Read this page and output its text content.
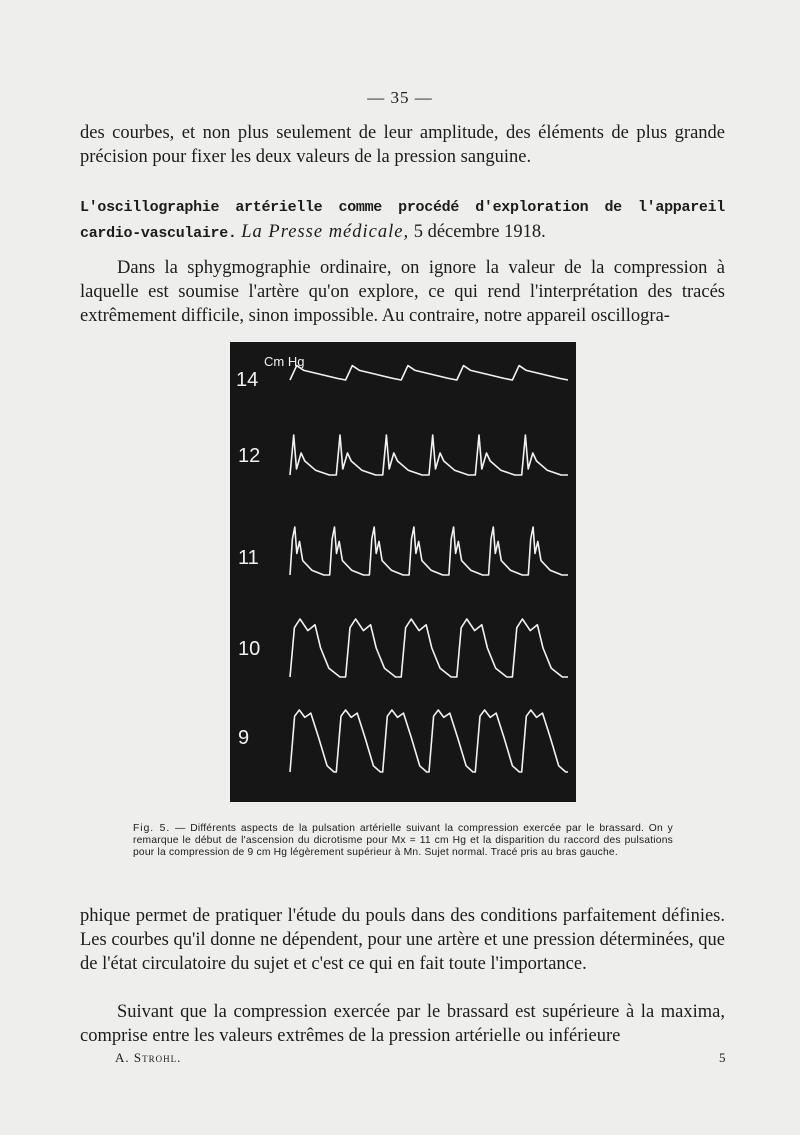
— 35 —
des courbes, et non plus seulement de leur amplitude, des éléments de plus grande précision pour fixer les deux valeurs de la pression sanguine.
L'oscillographie artérielle comme procédé d'exploration de l'appareil cardio-vasculaire. La Presse médicale, 5 décembre 1918.
Dans la sphygmographie ordinaire, on ignore la valeur de la compression à laquelle est soumise l'artère qu'on explore, ce qui rend l'interprétation des tracés extrêmement difficile, sinon impossible. Au contraire, notre appareil oscillogra-
Cm Hg
14
12
11
10
9
Fig. 5. — Différents aspects de la pulsation artérielle suivant la compression exercée par le brassard. On y remarque le début de l'ascension du dicrotisme pour Mx = 11 cm Hg et la disparition du raccord des pulsations pour la compression de 9 cm Hg légèrement supérieur à Mn. Sujet normal. Tracé pris au bras gauche.
phique permet de pratiquer l'étude du pouls dans des conditions parfaitement définies. Les courbes qu'il donne ne dépendent, pour une artère et une pression déterminées, que de l'état circulatoire du sujet et c'est ce qui en fait toute l'importance.
Suivant que la compression exercée par le brassard est supérieure à la maxima, comprise entre les valeurs extrêmes de la pression artérielle ou inférieure
A. Strohl.	5
